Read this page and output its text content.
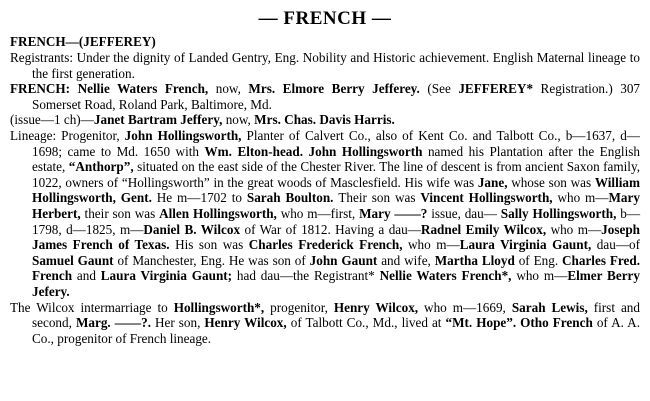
— FRENCH —
FRENCH—(JEFFEREY)
Registrants: Under the dignity of Landed Gentry, Eng. Nobility and Historic achievement. English Maternal lineage to the first generation.
FRENCH: Nellie Waters French, now, Mrs. Elmore Berry Jefferey. (See JEFFEREY* Registration.) 307 Somerset Road, Roland Park, Baltimore, Md.
(issue—1 ch)—Janet Bartram Jeffery, now, Mrs. Chas. Davis Harris.
Lineage: Progenitor, John Hollingsworth, Planter of Calvert Co., also of Kent Co. and Talbott Co., b—1637, d—1698; came to Md. 1650 with Wm. Elton-head. John Hollingsworth named his Plantation after the English estate, “Anthorp”, situated on the east side of the Chester River. The line of descent is from ancient Saxon family, 1022, owners of “Hollingsworth” in the great woods of Masclesfield. His wife was Jane, whose son was William Hollingsworth, Gent. He m—1702 to Sarah Boulton. Their son was Vincent Hollingsworth, who m—Mary Herbert, their son was Allen Hollingsworth, who m—first, Mary ——? issue, dau— Sally Hollingsworth, b—1798, d—1825, m—Daniel B. Wilcox of War of 1812. Having a dau—Radnel Emily Wilcox, who m—Joseph James French of Texas. His son was Charles Frederick French, who m—Laura Virginia Gaunt, dau—of Samuel Gaunt of Manchester, Eng. He was son of John Gaunt and wife, Martha Lloyd of Eng. Charles Fred. French and Laura Virginia Gaunt; had dau—the Registrant* Nellie Waters French*, who m—Elmer Berry Jefery.
The Wilcox intermarriage to Hollingsworth*, progenitor, Henry Wilcox, who m—1669, Sarah Lewis, first and second, Marg. ——?. Her son, Henry Wilcox, of Talbott Co., Md., lived at “Mt. Hope”. Otho French of A. A. Co., progenitor of French lineage.
